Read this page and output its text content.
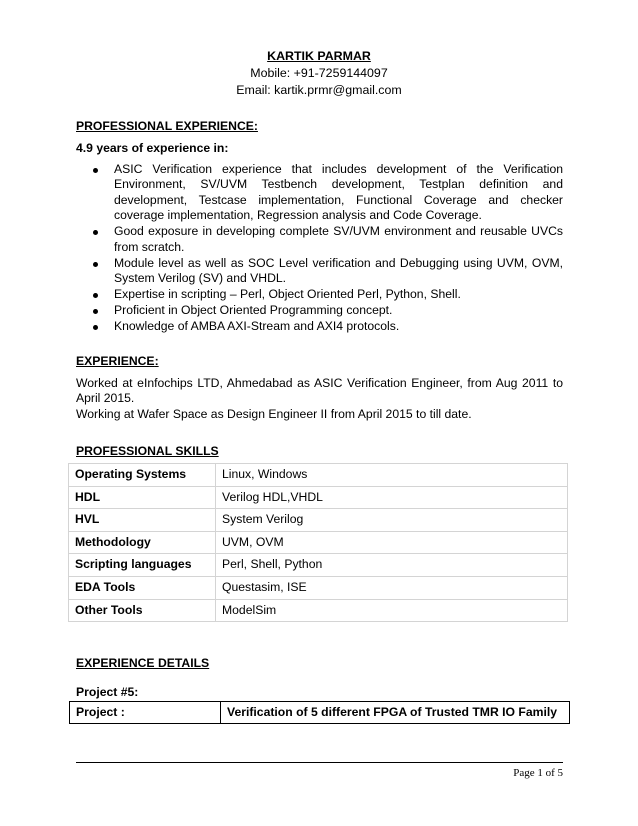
KARTIK PARMAR
Mobile: +91-7259144097
Email: kartik.prmr@gmail.com
PROFESSIONAL EXPERIENCE:
4.9 years of experience in:
ASIC Verification experience that includes development of the Verification Environment, SV/UVM Testbench development, Testplan definition and development, Testcase implementation, Functional Coverage and checker coverage implementation, Regression analysis and Code Coverage.
Good exposure in developing complete SV/UVM environment and reusable UVCs from scratch.
Module level as well as SOC Level verification and Debugging using UVM, OVM, System Verilog (SV) and VHDL.
Expertise in scripting – Perl, Object Oriented Perl, Python, Shell.
Proficient in Object Oriented Programming concept.
Knowledge of AMBA AXI-Stream and AXI4 protocols.
EXPERIENCE:
Worked at eInfochips LTD, Ahmedabad as ASIC Verification Engineer, from Aug 2011 to April 2015.
Working at Wafer Space as Design Engineer II from April 2015 to till date.
PROFESSIONAL SKILLS
Operating Systems	Linux, Windows
HDL	Verilog HDL,VHDL
HVL	System Verilog
Methodology	UVM, OVM
Scripting languages	Perl, Shell, Python
EDA Tools	Questasim, ISE
Other Tools	ModelSim
EXPERIENCE DETAILS
Project #5:
Project :	Verification of 5 different FPGA of Trusted TMR IO Family
Page 1 of 5
